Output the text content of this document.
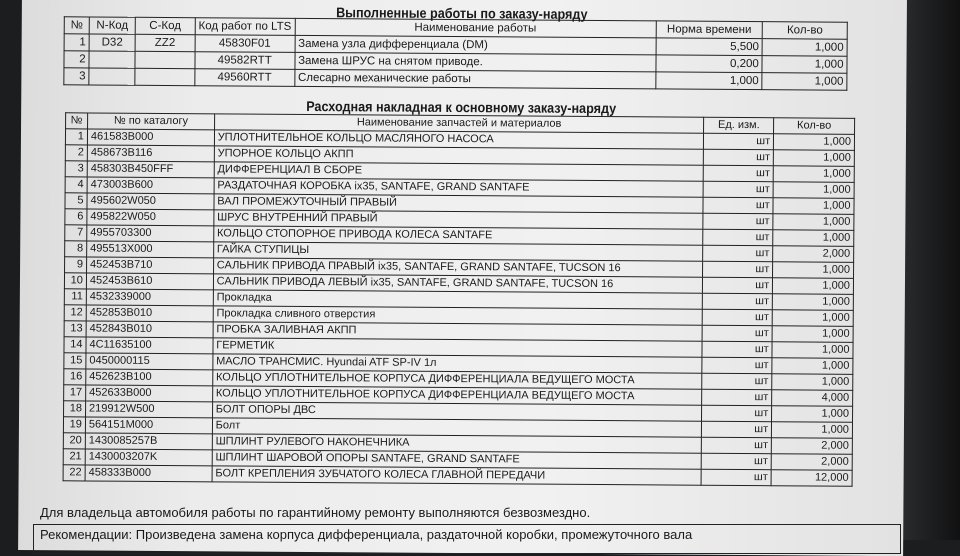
Выполненные работы по заказу-наряду
№	N-Код	С-Код	Код работ по LTS	Наименование работы	Норма времени	Кол-во
1	D32	ZZ2	45830F01	Замена узла дифференциала (DM)	5,500	1,000
2			49582RTT	Замена ШРУС на снятом приводе.	0,200	1,000
3			49560RTT	Слесарно механические работы	1,000	1,000
Расходная накладная к основному заказу-наряду
№	№ по каталогу	Наименование запчастей и материалов	Ед. изм.	Кол-во
1	461583B000	УПЛОТНИТЕЛЬНОЕ КОЛЬЦО МАСЛЯНОГО НАСОСА	шт	1,000
2	458673B116	УПОРНОЕ КОЛЬЦО АКПП	шт	1,000
3	458303B450FFF	ДИФФЕРЕНЦИАЛ В СБОРЕ	шт	1,000
4	473003B600	РАЗДАТОЧНАЯ КОРОБКА ix35, SANTAFE, GRAND SANTAFE	шт	1,000
5	495602W050	ВАЛ ПРОМЕЖУТОЧНЫЙ ПРАВЫЙ	шт	1,000
6	495822W050	ШРУС ВНУТРЕННИЙ ПРАВЫЙ	шт	1,000
7	4955703300	КОЛЬЦО СТОПОРНОЕ ПРИВОДА КОЛЕСА SANTAFE	шт	1,000
8	495513X000	ГАЙКА СТУПИЦЫ	шт	2,000
9	452453B710	САЛЬНИК ПРИВОДА ПРАВЫЙ ix35, SANTAFE, GRAND SANTAFE, TUCSON 16	шт	1,000
10	452453B610	САЛЬНИК ПРИВОДА ЛЕВЫЙ ix35, SANTAFE, GRAND SANTAFE, TUCSON 16	шт	1,000
11	4532339000	Прокладка	шт	1,000
12	452853B010	Прокладка сливного отверстия	шт	1,000
13	452843B010	ПРОБКА ЗАЛИВНАЯ АКПП	шт	1,000
14	4C11635100	ГЕРМЕТИК	шт	1,000
15	0450000115	МАСЛО ТРАНСМИС. Hyundai ATF SP-IV 1л	шт	1,000
16	452623B100	КОЛЬЦО УПЛОТНИТЕЛЬНОЕ КОРПУСА ДИФФЕРЕНЦИАЛА ВЕДУЩЕГО МОСТА	шт	1,000
17	452633B000	КОЛЬЦО УПЛОТНИТЕЛЬНОЕ КОРПУСА ДИФФЕРЕНЦИАЛА ВЕДУЩЕГО МОСТА	шт	4,000
18	219912W500	БОЛТ ОПОРЫ ДВС	шт	1,000
19	564151M000	Болт	шт	1,000
20	1430085257B	ШПЛИНТ РУЛЕВОГО НАКОНЕЧНИКА	шт	2,000
21	1430003207K	ШПЛИНТ ШАРОВОЙ ОПОРЫ SANTAFE, GRAND SANTAFE	шт	2,000
22	458333B000	БОЛТ КРЕПЛЕНИЯ ЗУБЧАТОГО КОЛЕСА ГЛАВНОЙ ПЕРЕДАЧИ	шт	12,000
Для владельца автомобиля работы по гарантийному ремонту выполняются безвозмездно.
Рекомендации: Произведена замена корпуса дифференциала, раздаточной коробки, промежуточного вала
